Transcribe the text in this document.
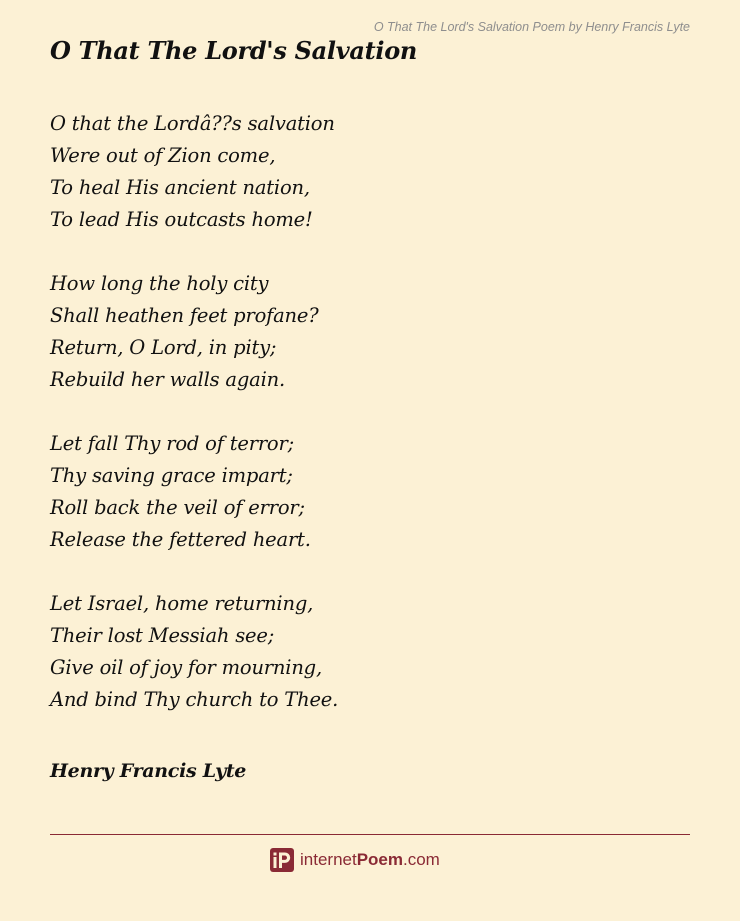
O That The Lord's Salvation Poem by Henry Francis Lyte
O That The Lord's Salvation
O that the Lordâ??s salvation
Were out of Zion come,
To heal His ancient nation,
To lead His outcasts home!
How long the holy city
Shall heathen feet profane?
Return, O Lord, in pity;
Rebuild her walls again.
Let fall Thy rod of terror;
Thy saving grace impart;
Roll back the veil of error;
Release the fettered heart.
Let Israel, home returning,
Their lost Messiah see;
Give oil of joy for mourning,
And bind Thy church to Thee.
Henry Francis Lyte
internetPoem.com
